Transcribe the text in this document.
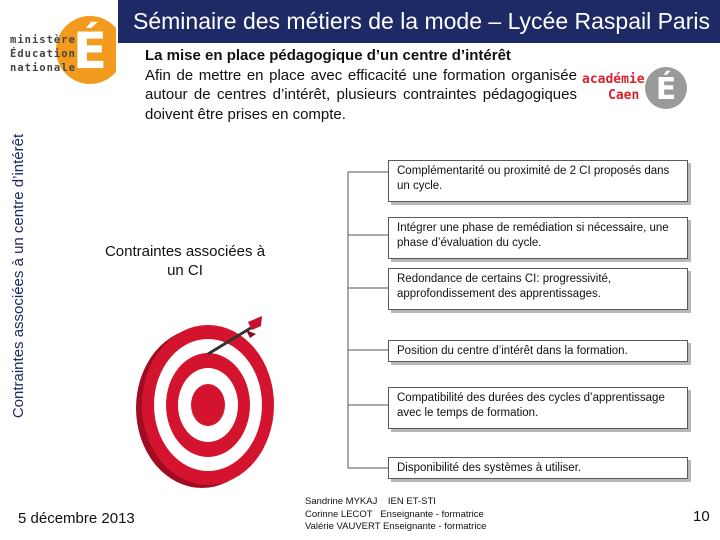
Séminaire des métiers de la mode – Lycée Raspail Paris
É
ministère
Éducation
nationale
Contraintes associées à un centre d’intérêt
La mise en place pédagogique d’un centre d’intérêt
Afin de mettre en place avec efficacité une formation organisée autour de centres d’intérêt, plusieurs contraintes pédagogiques doivent être prises en compte.
É
académie
Caen
Contraintes associées à un CI
Complémentarité ou proximité de 2 CI proposés dans un cycle.
Intégrer une phase de remédiation si nécessaire, une phase d’évaluation du cycle.
Redondance de certains CI: progressivité, approfondissement des apprentissages.
Position du centre d’intérêt dans la formation.
Compatibilité des durées des cycles d’apprentissage avec le temps de formation.
Disponibilité des systèmes à utiliser.
5 décembre 2013
Sandrine MYKAJ    IEN ET-STI
Corinne LECOT   Enseignante - formatrice
Valérie VAUVERT Enseignante - formatrice
10
